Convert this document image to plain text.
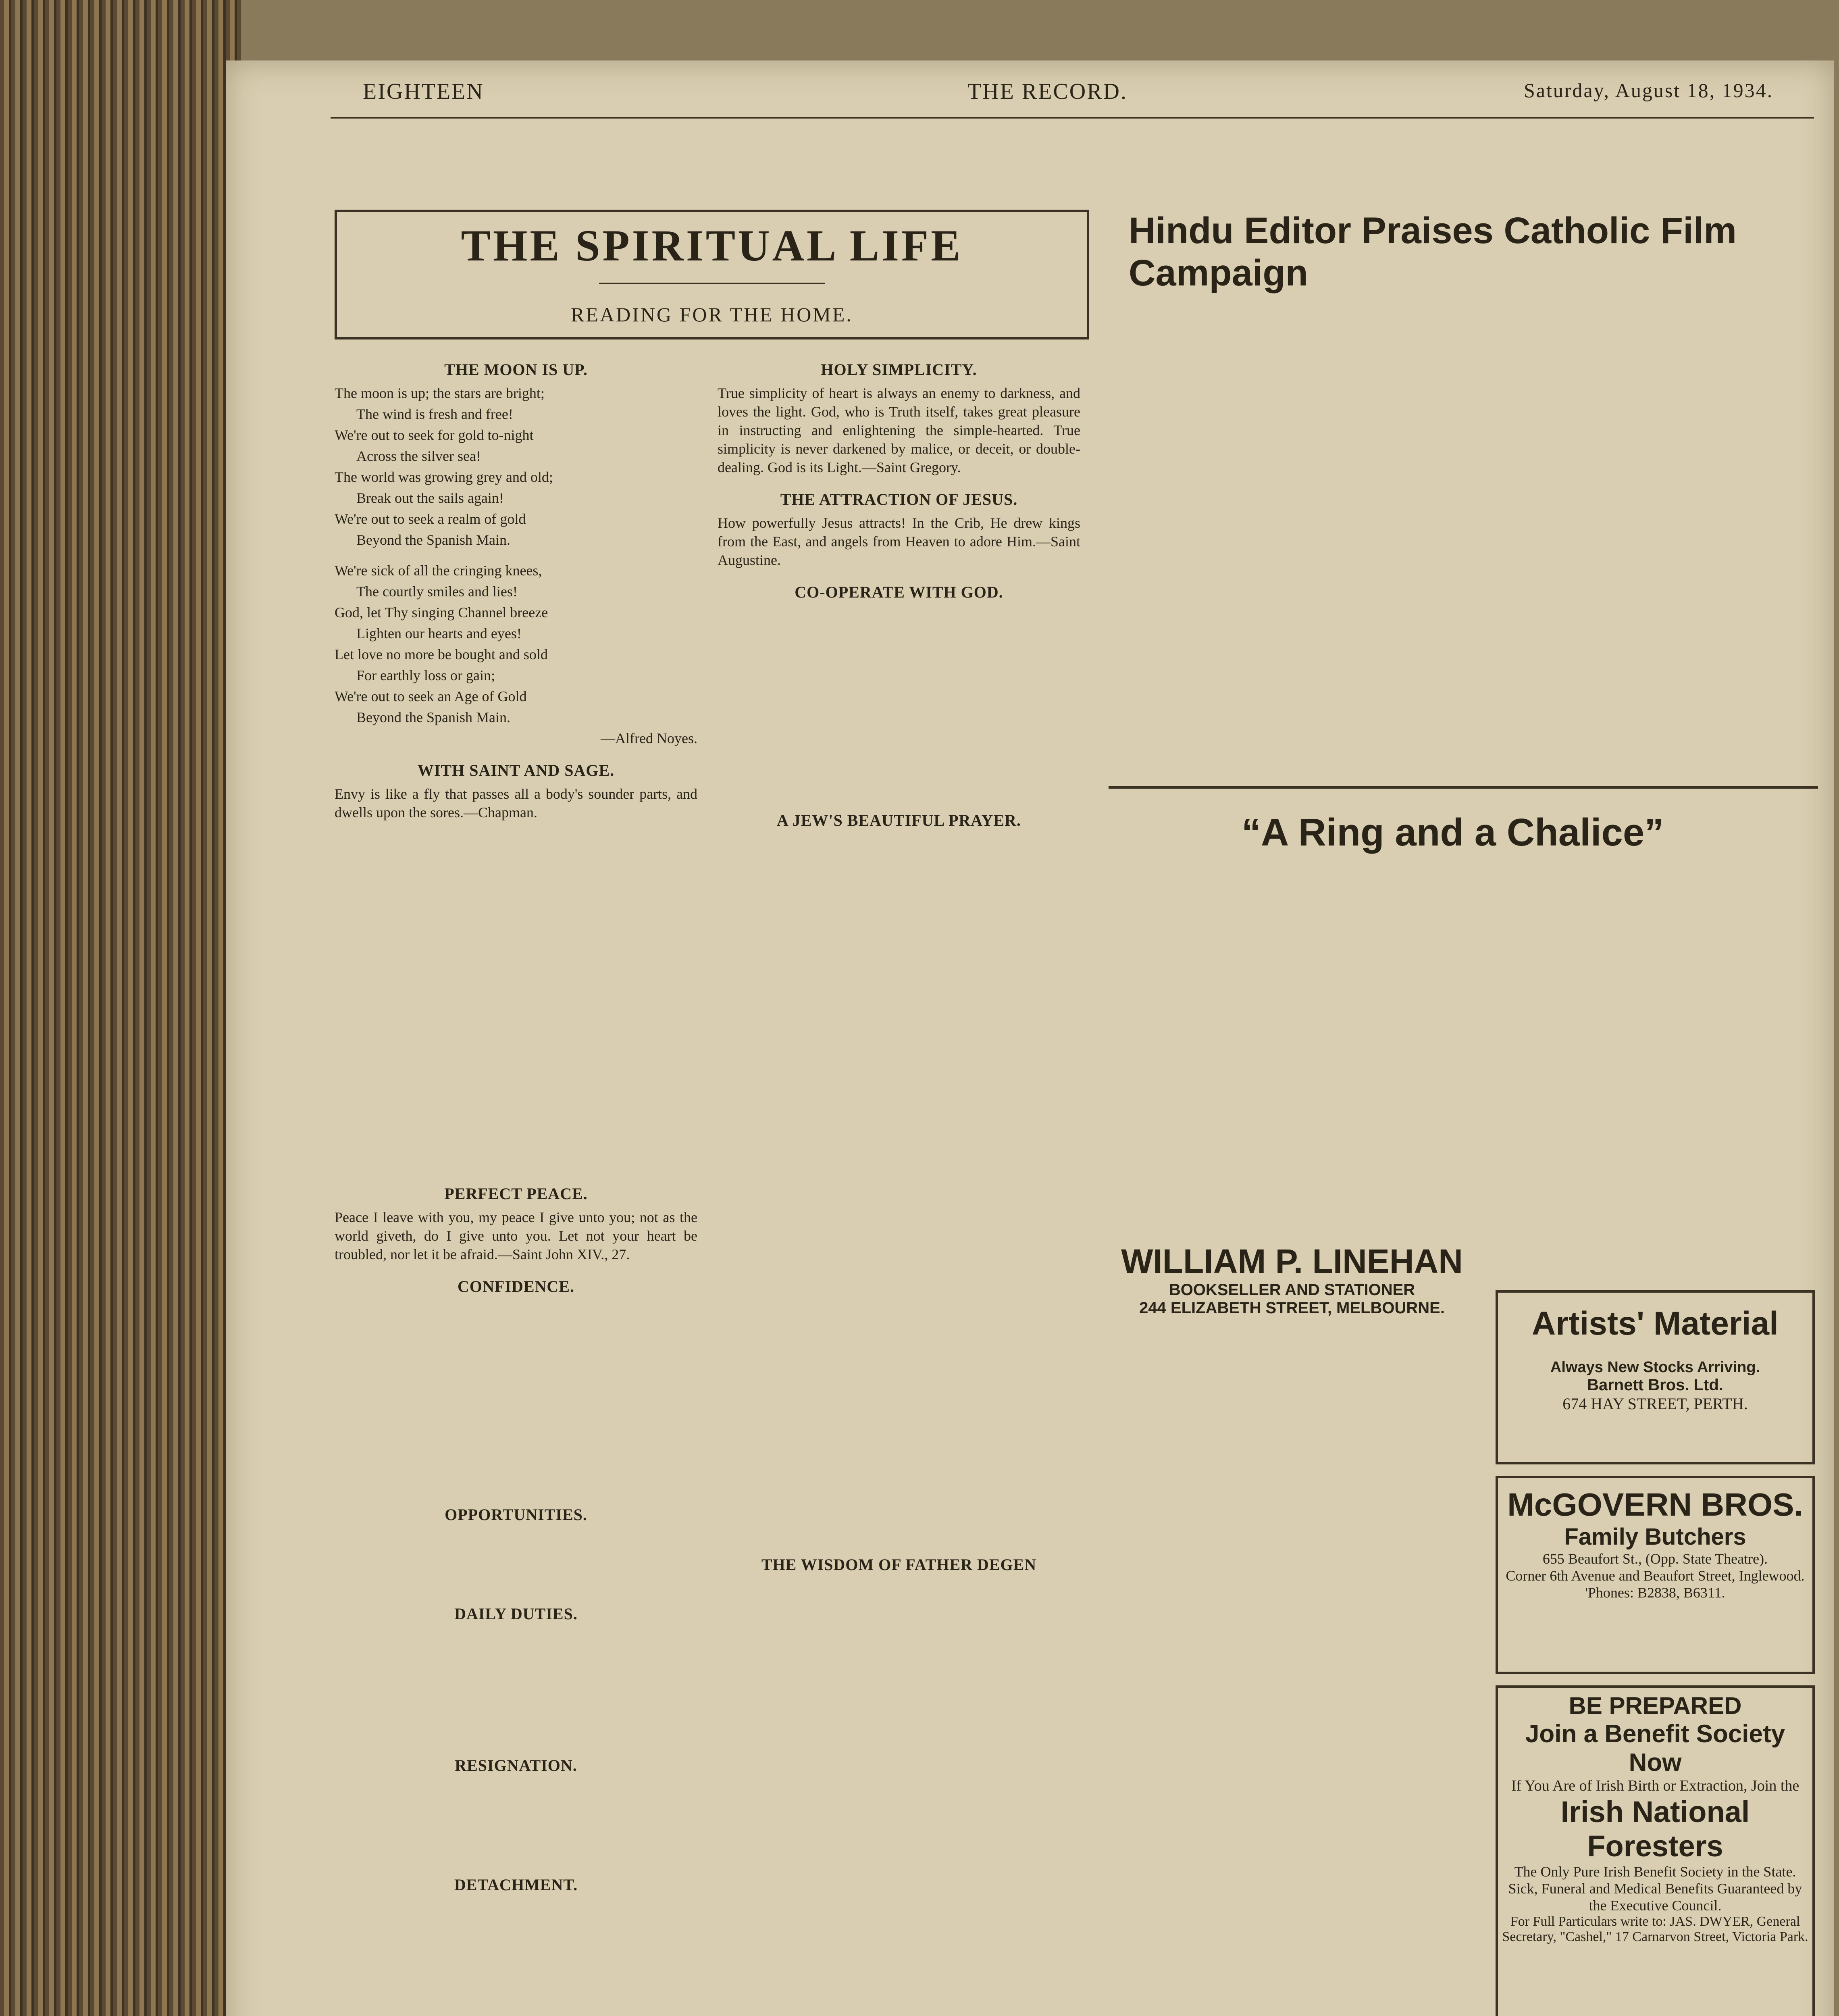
EIGHTEEN	THE RECORD.	Saturday, August 18, 1934.
THE SPIRITUAL LIFE
READING FOR THE HOME.
THE MOON IS UP.
The moon is up; the stars are bright;
The wind is fresh and free!
We're out to seek for gold to-night
Across the silver sea!
The world was growing grey and old;
Break out the sails again!
We're out to seek a realm of gold
Beyond the Spanish Main.
We're sick of all the cringing knees,
The courtly smiles and lies!
God, let Thy singing Channel breeze
Lighten our hearts and eyes!
Let love no more be bought and sold
For earthly loss or gain;
We're out to seek an Age of Gold
Beyond the Spanish Main.
—Alfred Noyes.
WITH SAINT AND SAGE.
Envy is like a fly that passes all a body's sounder parts, and dwells upon the sores.—Chapman.
PERFECT PEACE.
Peace I leave with you, my peace I give unto you; not as the world giveth, do I give unto you. Let not your heart be troubled, nor let it be afraid.—Saint John XIV., 27.
CONFIDENCE.
OPPORTUNITIES.
DAILY DUTIES.
RESIGNATION.
DETACHMENT.
HOLY SIMPLICITY.
True simplicity of heart is always an enemy to darkness, and loves the light. God, who is Truth itself, takes great pleasure in instructing and enlightening the simple-hearted. True simplicity is never darkened by malice, or deceit, or double-dealing. God is its Light.—Saint Gregory.
THE ATTRACTION OF JESUS.
How powerfully Jesus attracts! In the Crib, He drew kings from the East, and angels from Heaven to adore Him.—Saint Augustine.
CO-OPERATE WITH GOD.
A JEW'S BEAUTIFUL PRAYER.
THE WISDOM OF FATHER DEGEN
Hindu Editor Praises Catholic Film Campaign
“A Ring and a Chalice”
WILLIAM P. LINEHAN
BOOKSELLER AND STATIONER
244 ELIZABETH STREET, MELBOURNE.	Artists' Material
Always New Stocks Arriving.
Barnett Bros. Ltd.
674 HAY STREET, PERTH.
McGOVERN BROS.
Family Butchers
655 Beaufort St., (Opp. State Theatre).
Corner 6th Avenue and Beaufort Street, Inglewood.
'Phones: B2838, B6311.
BE PREPARED
Join a Benefit Society Now
If You Are of Irish Birth or Extraction, Join the
Irish National Foresters
The Only Pure Irish Benefit Society in the State.
Sick, Funeral and Medical Benefits Guaranteed by the Executive Council.
For Full Particulars write to: JAS. DWYER, General Secretary, "Cashel," 17 Carnarvon Street, Victoria Park.
